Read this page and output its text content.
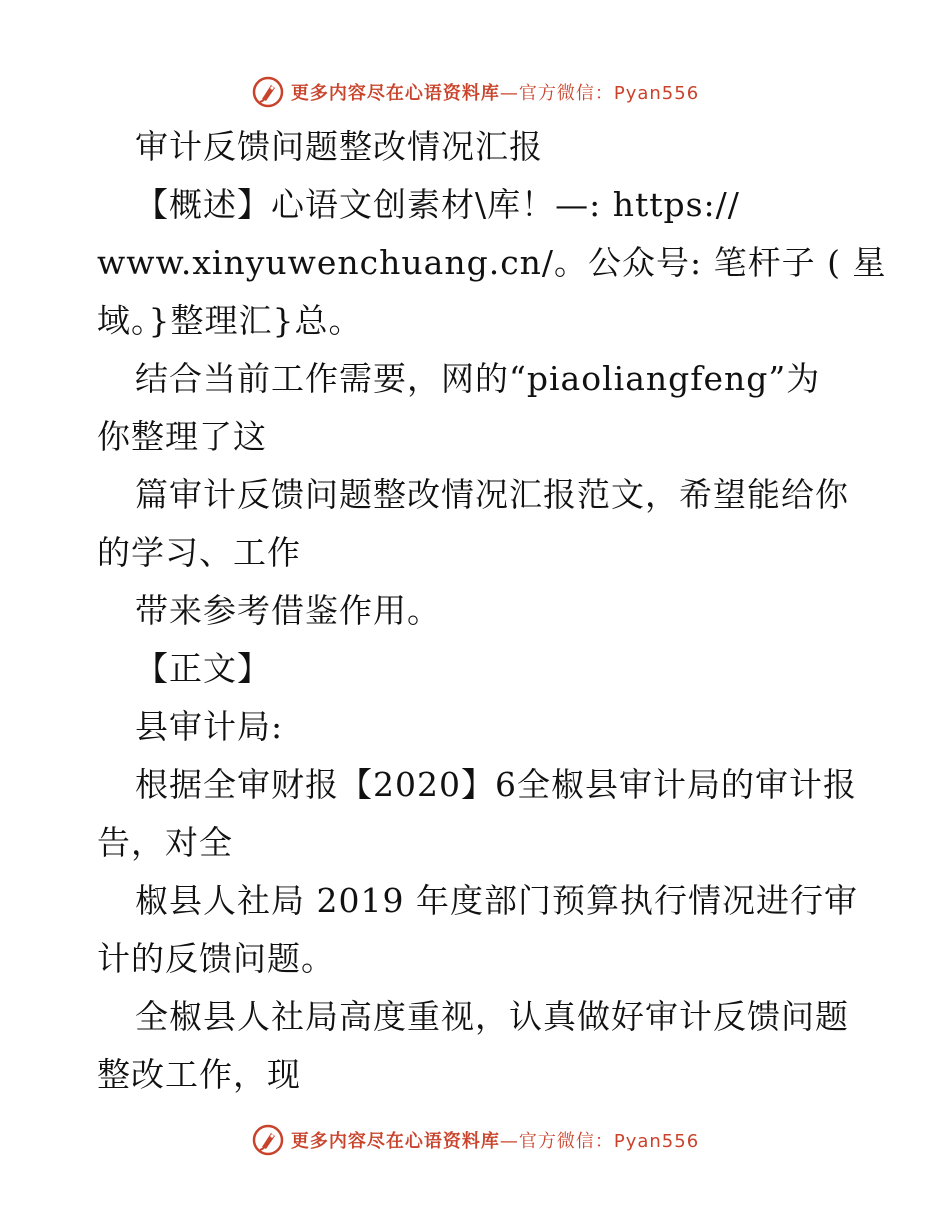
更多内容尽在心语资料库 —官方微信：Pyan556
审计反馈问题整改情况汇报
【概述】心语文创素材\库！—: https://
www.xinyuwenchuang.cn/。公众号: 笔杆子 ( 星
域。}整理汇}总。
结合当前工作需要，网的“piaoliangfeng”为
你整理了这
篇审计反馈问题整改情况汇报范文，希望能给你
的学习、工作
带来参考借鉴作用。
【正文】
县审计局:
根据全审财报【2020】6全椒县审计局的审计报
告，对全
椒县人社局 2019 年度部门预算执行情况进行审
计的反馈问题。
全椒县人社局高度重视，认真做好审计反馈问题
整改工作，现
更多内容尽在心语资料库 —官方微信：Pyan556
